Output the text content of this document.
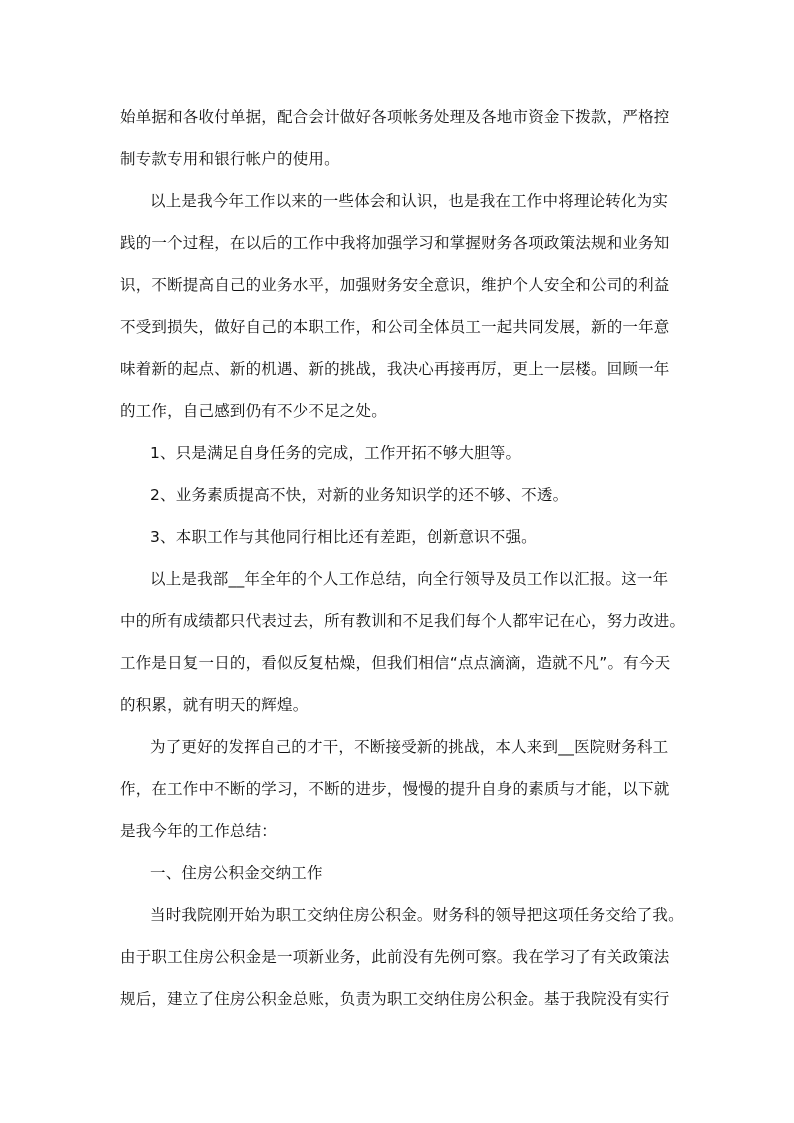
始单据和各收付单据，配合会计做好各项帐务处理及各地市资金下拨款，严格控
制专款专用和银行帐户的使用。
以上是我今年工作以来的一些体会和认识，也是我在工作中将理论转化为实
践的一个过程，在以后的工作中我将加强学习和掌握财务各项政策法规和业务知
识，不断提高自己的业务水平，加强财务安全意识，维护个人安全和公司的利益
不受到损失，做好自己的本职工作，和公司全体员工一起共同发展，新的一年意
味着新的起点、新的机遇、新的挑战，我决心再接再厉，更上一层楼。回顾一年
的工作，自己感到仍有不少不足之处。
1、只是满足自身任务的完成，工作开拓不够大胆等。
2、业务素质提高不快，对新的业务知识学的还不够、不透。
3、本职工作与其他同行相比还有差距，创新意识不强。
以上是我部__年全年的个人工作总结，向全行领导及员工作以汇报。这一年
中的所有成绩都只代表过去，所有教训和不足我们每个人都牢记在心，努力改进。
工作是日复一日的，看似反复枯燥，但我们相信“点点滴滴，造就不凡”。有今天
的积累，就有明天的辉煌。
为了更好的发挥自己的才干，不断接受新的挑战，本人来到__医院财务科工
作，在工作中不断的学习，不断的进步，慢慢的提升自身的素质与才能，以下就
是我今年的工作总结：
一、住房公积金交纳工作
当时我院刚开始为职工交纳住房公积金。财务科的领导把这项任务交给了我。
由于职工住房公积金是一项新业务，此前没有先例可察。我在学习了有关政策法
规后，建立了住房公积金总账，负责为职工交纳住房公积金。基于我院没有实行
